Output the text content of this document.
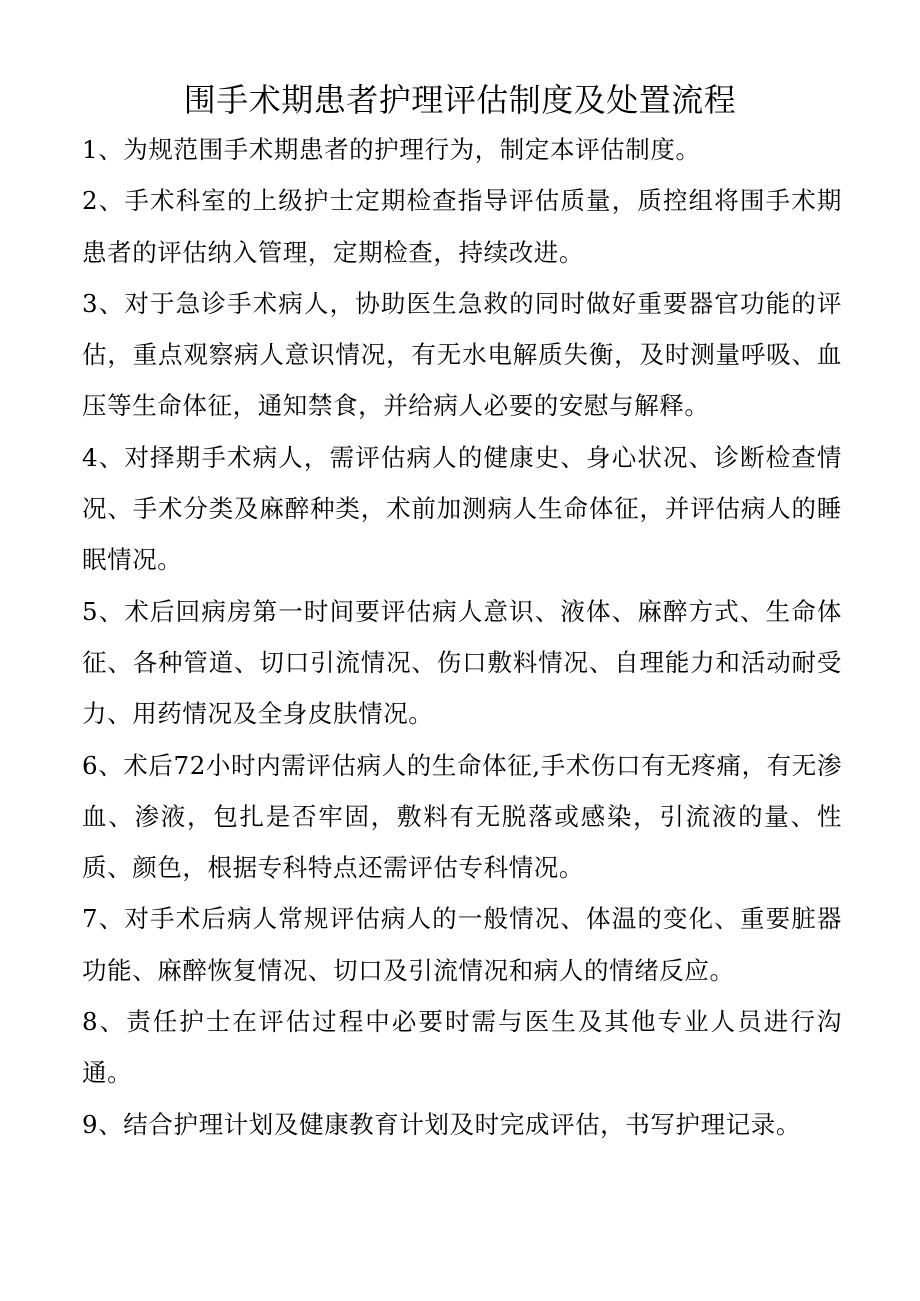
围手术期患者护理评估制度及处置流程

1、为规范围手术期患者的护理行为，制定本评估制度。

2、手术科室的上级护士定期检查指导评估质量，质控组将围手术期患者的评估纳入管理，定期检查，持续改进。

3、对于急诊手术病人，协助医生急救的同时做好重要器官功能的评估，重点观察病人意识情况，有无水电解质失衡，及时测量呼吸、血压等生命体征，通知禁食，并给病人必要的安慰与解释。

4、对择期手术病人，需评估病人的健康史、身心状况、诊断检查情况、手术分类及麻醉种类，术前加测病人生命体征，并评估病人的睡眠情况。

5、术后回病房第一时间要评估病人意识、液体、麻醉方式、生命体征、各种管道、切口引流情况、伤口敷料情况、自理能力和活动耐受力、用药情况及全身皮肤情况。

6、术后72小时内需评估病人的生命体征,手术伤口有无疼痛，有无渗血、渗液，包扎是否牢固，敷料有无脱落或感染，引流液的量、性质、颜色，根据专科特点还需评估专科情况。

7、对手术后病人常规评估病人的一般情况、体温的变化、重要脏器功能、麻醉恢复情况、切口及引流情况和病人的情绪反应。

8、责任护士在评估过程中必要时需与医生及其他专业人员进行沟通。

9、结合护理计划及健康教育计划及时完成评估，书写护理记录。
